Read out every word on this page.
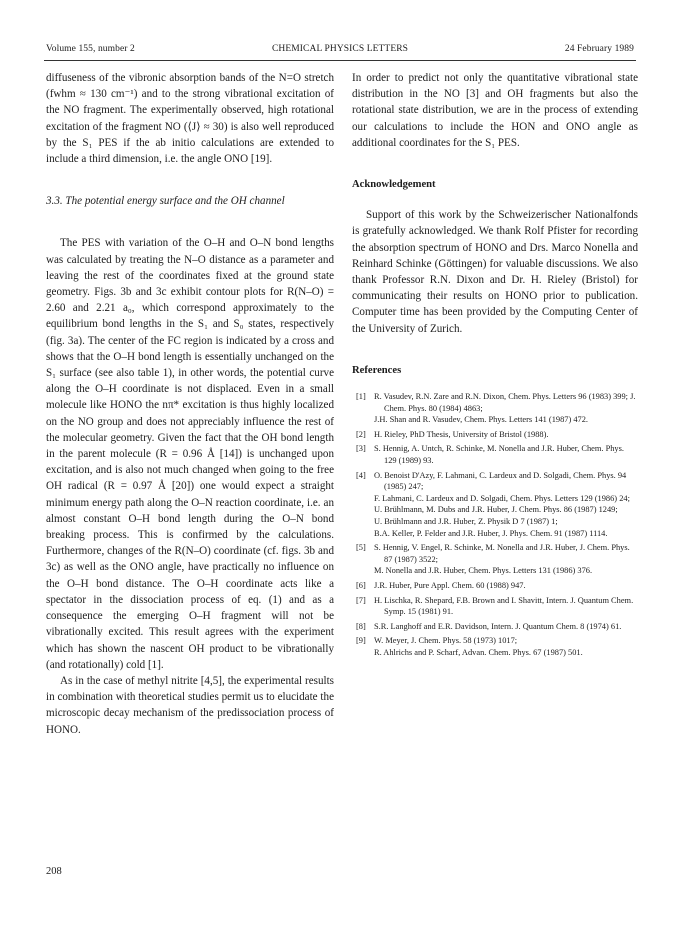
Volume 155, number 2	CHEMICAL PHYSICS LETTERS	24 February 1989

diffuseness of the vibronic absorption bands of the N=O stretch (fwhm ≈ 130 cm⁻¹) and to the strong vibrational excitation of the NO fragment. The experimentally observed, high rotational excitation of the fragment NO (⟨J⟩ ≈ 30) is also well reproduced by the S₁ PES if the ab initio calculations are extended to include a third dimension, i.e. the angle ONO [19].

3.3. The potential energy surface and the OH channel

The PES with variation of the O–H and O–N bond lengths was calculated by treating the N–O distance as a parameter and leaving the rest of the coordinates fixed at the ground state geometry. Figs. 3b and 3c exhibit contour plots for R(N–O) = 2.60 and 2.21 a₀, which correspond approximately to the equilibrium bond lengths in the S₁ and S₀ states, respectively (fig. 3a). The center of the FC region is indicated by a cross and shows that the O–H bond length is essentially unchanged on the S₁ surface (see also table 1), in other words, the potential curve along the O–H coordinate is not displaced. Even in a small molecule like HONO the nπ* excitation is thus highly localized on the NO group and does not appreciably influence the rest of the molecular geometry. Given the fact that the OH bond length in the parent molecule (R = 0.96 Å [14]) is unchanged upon excitation, and is also not much changed when going to the free OH radical (R = 0.97 Å [20]) one would expect a straight minimum energy path along the O–N reaction coordinate, i.e. an almost constant O–H bond length during the O–N bond breaking process. This is confirmed by the calculations. Furthermore, changes of the R(N–O) coordinate (cf. figs. 3b and 3c) as well as the ONO angle, have practically no influence on the O–H bond distance. The O–H coordinate acts like a spectator in the dissociation process of eq. (1) and as a consequence the emerging O–H fragment will not be vibrationally excited. This result agrees with the experiment which has shown the nascent OH product to be vibrationally (and rotationally) cold [1].

As in the case of methyl nitrite [4,5], the experimental results in combination with theoretical studies permit us to elucidate the microscopic decay mechanism of the predissociation process of HONO.

In order to predict not only the quantitative vibrational state distribution in the NO [3] and OH fragments but also the rotational state distribution, we are in the process of extending our calculations to include the HON and ONO angle as additional coordinates for the S₁ PES.

Acknowledgement

Support of this work by the Schweizerischer Nationalfonds is gratefully acknowledged. We thank Rolf Pfister for recording the absorption spectrum of HONO and Drs. Marco Nonella and Reinhard Schinke (Göttingen) for valuable discussions. We also thank Professor R.N. Dixon and Dr. H. Rieley (Bristol) for communicating their results on HONO prior to publication. Computer time has been provided by the Computing Center of the University of Zurich.

References

[1] R. Vasudev, R.N. Zare and R.N. Dixon, Chem. Phys. Letters 96 (1983) 399; J. Chem. Phys. 80 (1984) 4863;
J.H. Shan and R. Vasudev, Chem. Phys. Letters 141 (1987) 472.
[2] H. Rieley, PhD Thesis, University of Bristol (1988).
[3] S. Hennig, A. Untch, R. Schinke, M. Nonella and J.R. Huber, Chem. Phys. 129 (1989) 93.
[4] O. Benoist D'Azy, F. Lahmani, C. Lardeux and D. Solgadi, Chem. Phys. 94 (1985) 247;
F. Lahmani, C. Lardeux and D. Solgadi, Chem. Phys. Letters 129 (1986) 24;
U. Brühlmann, M. Dubs and J.R. Huber, J. Chem. Phys. 86 (1987) 1249;
U. Brühlmann and J.R. Huber, Z. Physik D 7 (1987) 1;
B.A. Keller, P. Felder and J.R. Huber, J. Phys. Chem. 91 (1987) 1114.
[5] S. Hennig, V. Engel, R. Schinke, M. Nonella and J.R. Huber, J. Chem. Phys. 87 (1987) 3522;
M. Nonella and J.R. Huber, Chem. Phys. Letters 131 (1986) 376.
[6] J.R. Huber, Pure Appl. Chem. 60 (1988) 947.
[7] H. Lischka, R. Shepard, F.B. Brown and I. Shavitt, Intern. J. Quantum Chem. Symp. 15 (1981) 91.
[8] S.R. Langhoff and E.R. Davidson, Intern. J. Quantum Chem. 8 (1974) 61.
[9] W. Meyer, J. Chem. Phys. 58 (1973) 1017;
R. Ahlrichs and P. Scharf, Advan. Chem. Phys. 67 (1987) 501.
208
